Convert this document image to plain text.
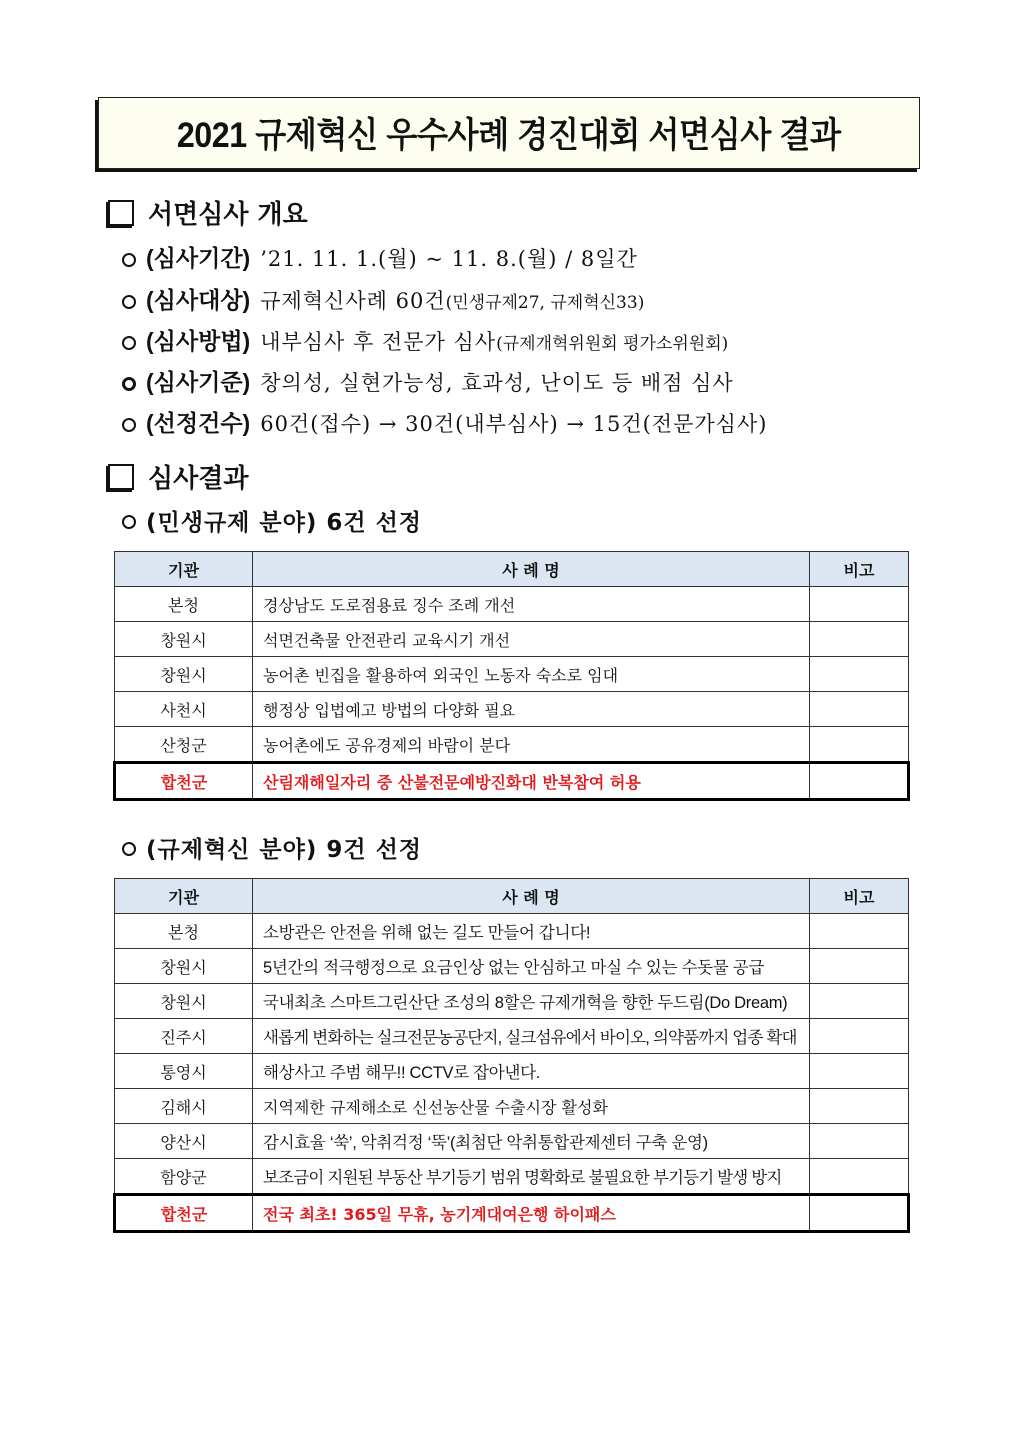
2021 규제혁신 우수사례 경진대회 서면심사 결과
서면심사 개요
(심사기간) ’21. 11. 1.(월) ~ 11. 8.(월) / 8일간
(심사대상) 규제혁신사례 60건 (민생규제27, 규제혁신33)
(심사방법) 내부심사 후 전문가 심사 (규제개혁위원회 평가소위원회)
(심사기준) 창의성, 실현가능성, 효과성, 난이도 등 배점 심사
(선정건수) 60건(접수) → 30건(내부심사) → 15건(전문가심사)
심사결과
(민생규제 분야) 6건 선정
기관	사 례 명	비고
본청	경상남도 도로점용료 징수 조례 개선	
창원시	석면건축물 안전관리 교육시기 개선	
창원시	농어촌 빈집을 활용하여 외국인 노동자 숙소로 임대	
사천시	행정상 입법예고 방법의 다양화 필요	
산청군	농어촌에도 공유경제의 바람이 분다	
합천군	산림재해일자리 중 산불전문예방진화대 반복참여 허용	
(규제혁신 분야) 9건 선정
기관	사 례 명	비고
본청	소방관은 안전을 위해 없는 길도 만들어 갑니다!	
창원시	5년간의 적극행정으로 요금인상 없는 안심하고 마실 수 있는 수돗물 공급	
창원시	국내최초 스마트그린산단 조성의 8할은 규제개혁을 향한 두드림(Do Dream)	
진주시	새롭게 변화하는 실크전문농공단지, 실크섬유에서 바이오, 의약품까지 업종 확대	
통영시	해상사고 주범 해무!! CCTV로 잡아낸다.	
김해시	지역제한 규제해소로 신선농산물 수출시장 활성화	
양산시	감시효율 ‘쑥’, 악취걱정 ‘뚝’(최첨단 악취통합관제센터 구축 운영)	
함양군	보조금이 지원된 부동산 부기등기 범위 명확화로 불필요한 부기등기 발생 방지	
합천군	전국 최초! 365일 무휴, 농기계대여은행 하이패스	
